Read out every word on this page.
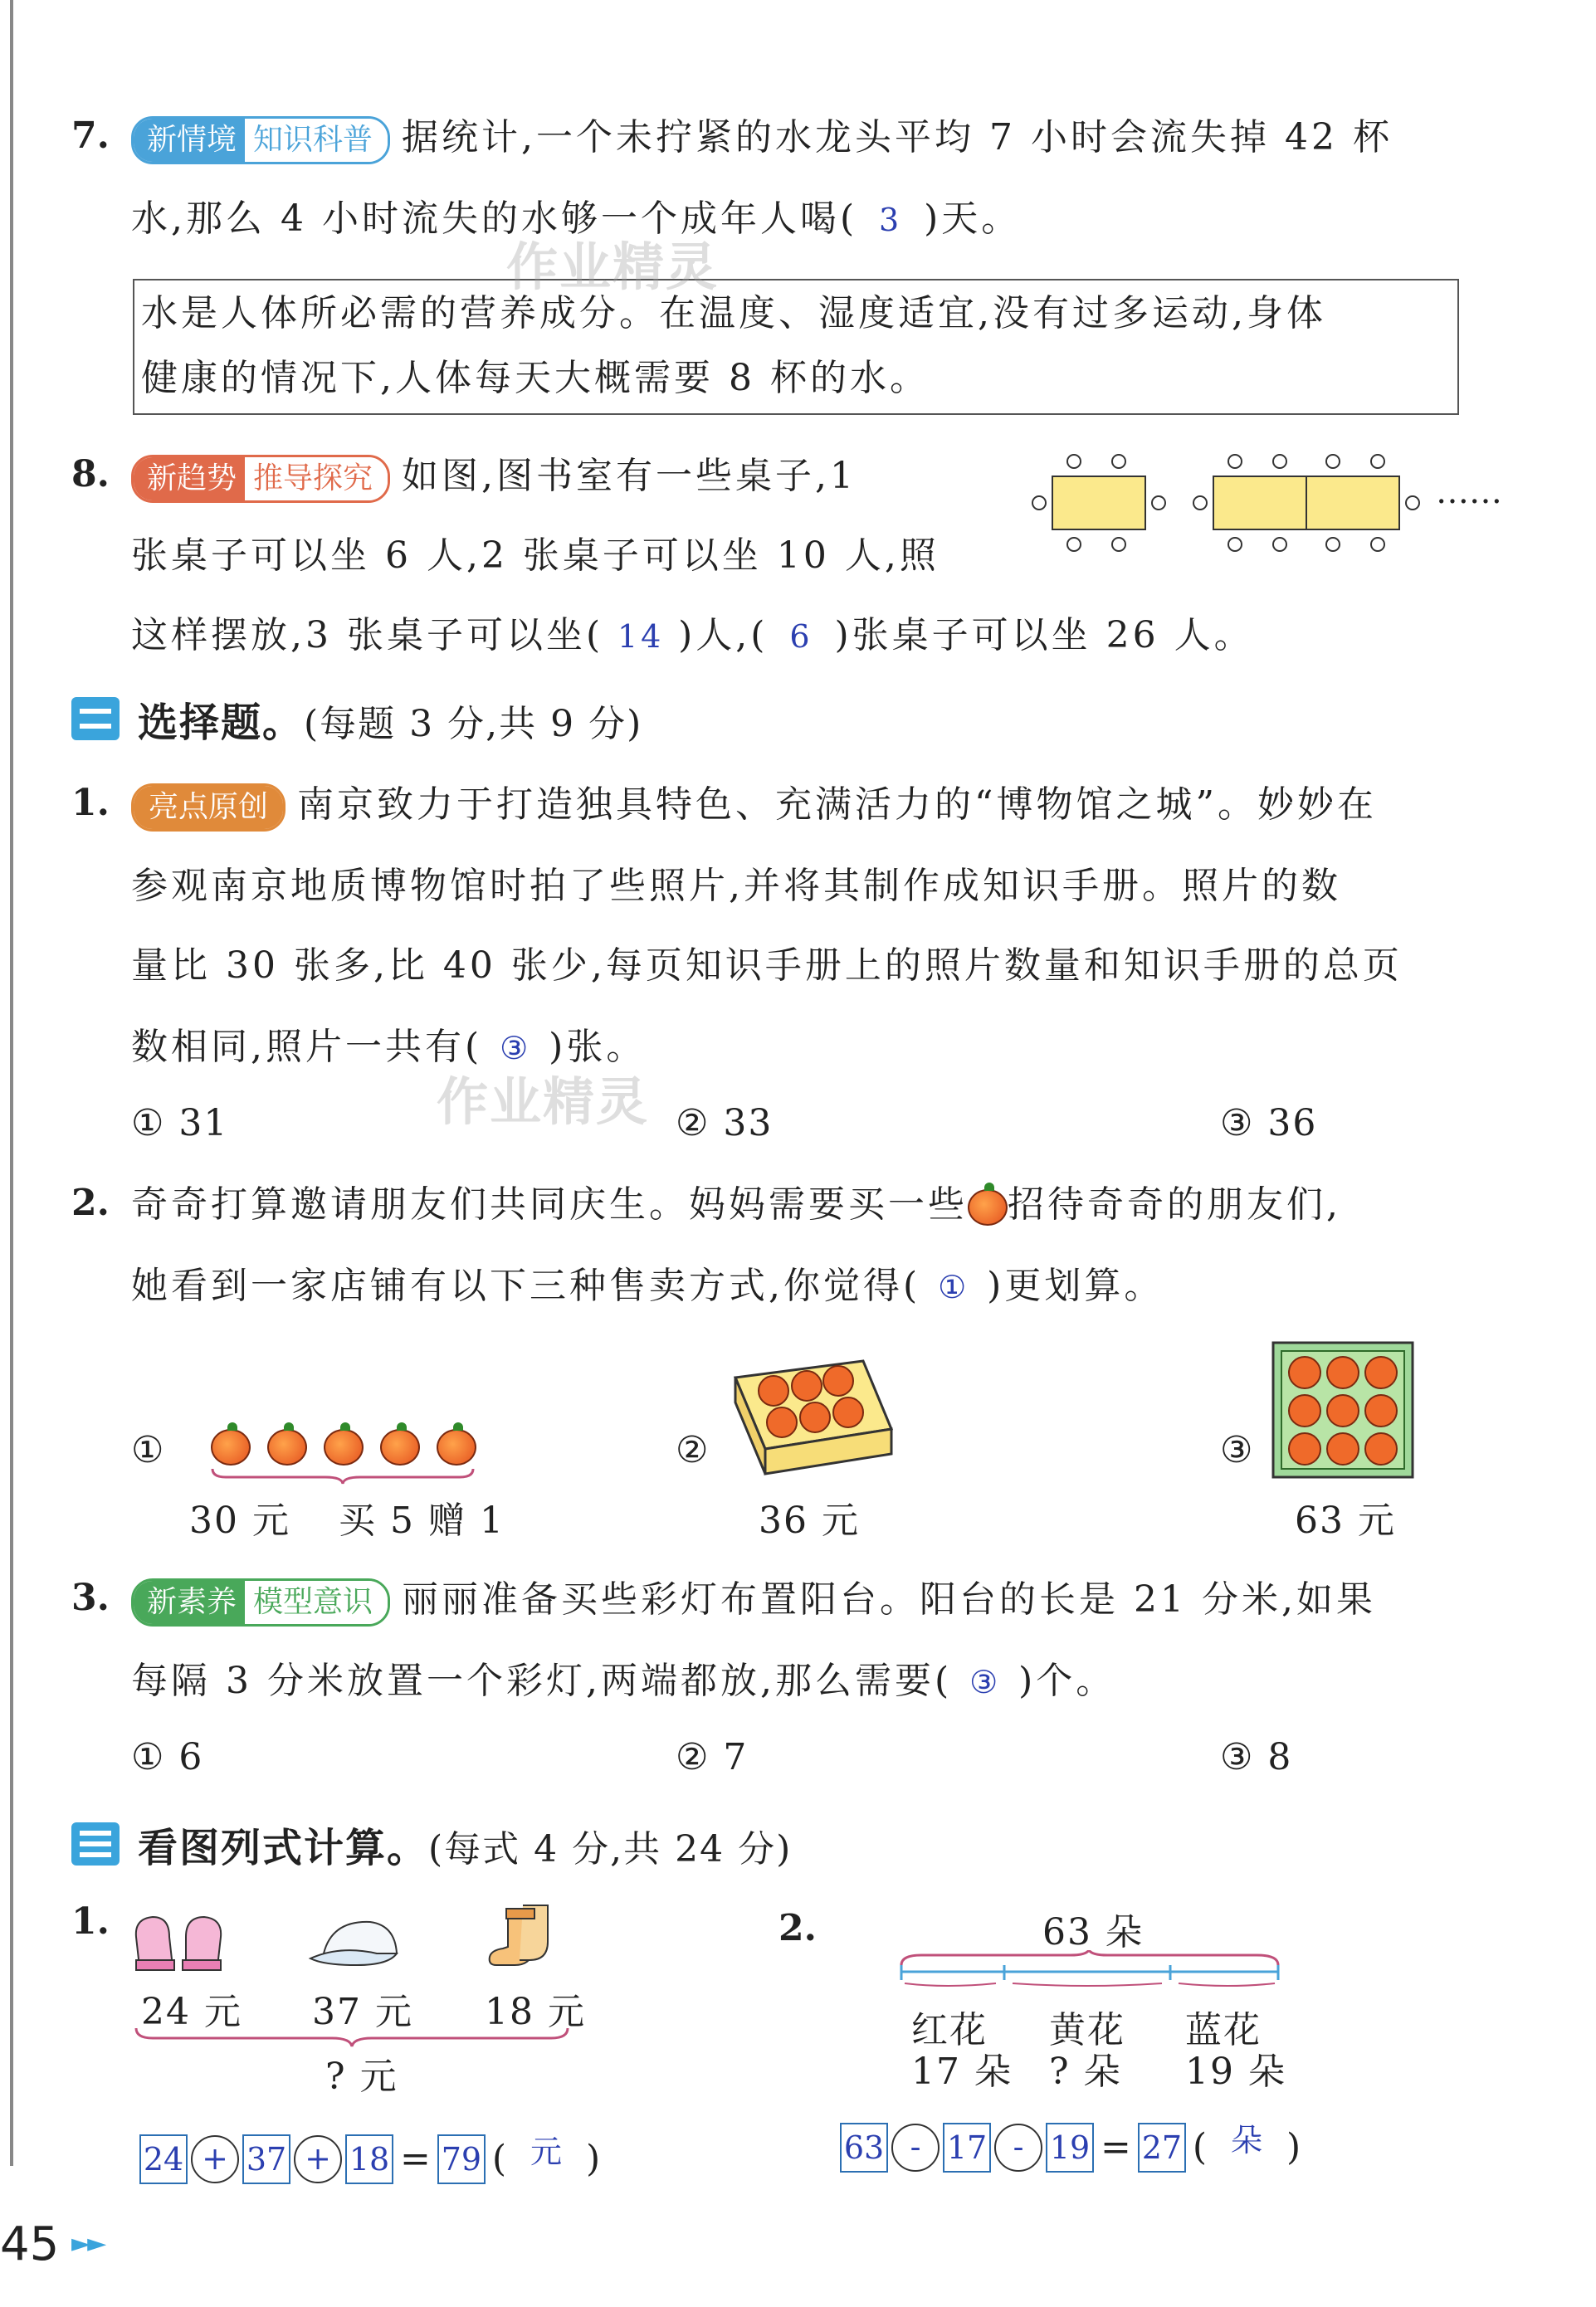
7.	新情境 知识科普 据统计,一个未拧紧的水龙头平均 7 小时会流失掉 42 杯
水,那么 4 小时流失的水够一个成年人喝( 3 )天。
水是人体所必需的营养成分。在温度、湿度适宜,没有过多运动,身体
健康的情况下,人体每天大概需要 8 杯的水。
8.	新趋势 推导探究 如图,图书室有一些桌子,1
张桌子可以坐 6 人,2 张桌子可以坐 10 人,照
这样摆放,3 张桌子可以坐( 14 )人,( 6 )张桌子可以坐 26 人。
……
选择题。(每题 3 分,共 9 分)
1.	亮点原创 南京致力于打造独具特色、充满活力的“博物馆之城”。妙妙在
参观南京地质博物馆时拍了些照片,并将其制作成知识手册。照片的数
量比 30 张多,比 40 张少,每页知识手册上的照片数量和知识手册的总页
数相同,照片一共有( ③ )张。
① 31	② 33	③ 36
2. 奇奇打算邀请朋友们共同庆生。妈妈需要买一些 招待奇奇的朋友们,
她看到一家店铺有以下三种售卖方式,你觉得( ① )更划算。
①
30 元 买 5 赠 1
②
36 元
③
63 元
3.	新素养 模型意识 丽丽准备买些彩灯布置阳台。阳台的长是 21 分米,如果
每隔 3 分米放置一个彩灯,两端都放,那么需要( ③ )个。
① 6	② 7	③ 8
看图列式计算。(每式 4 分,共 24 分)
1.
24 元 37 元 18 元
? 元
24 + 37 + 18 = 79 ( 元 )
2.	63 朵
红花
17 朵
黄花
? 朵
蓝花
19 朵
63 - 17 - 19 = 27 ( 朵 )
作业精灵
作业精灵
45 ►►
